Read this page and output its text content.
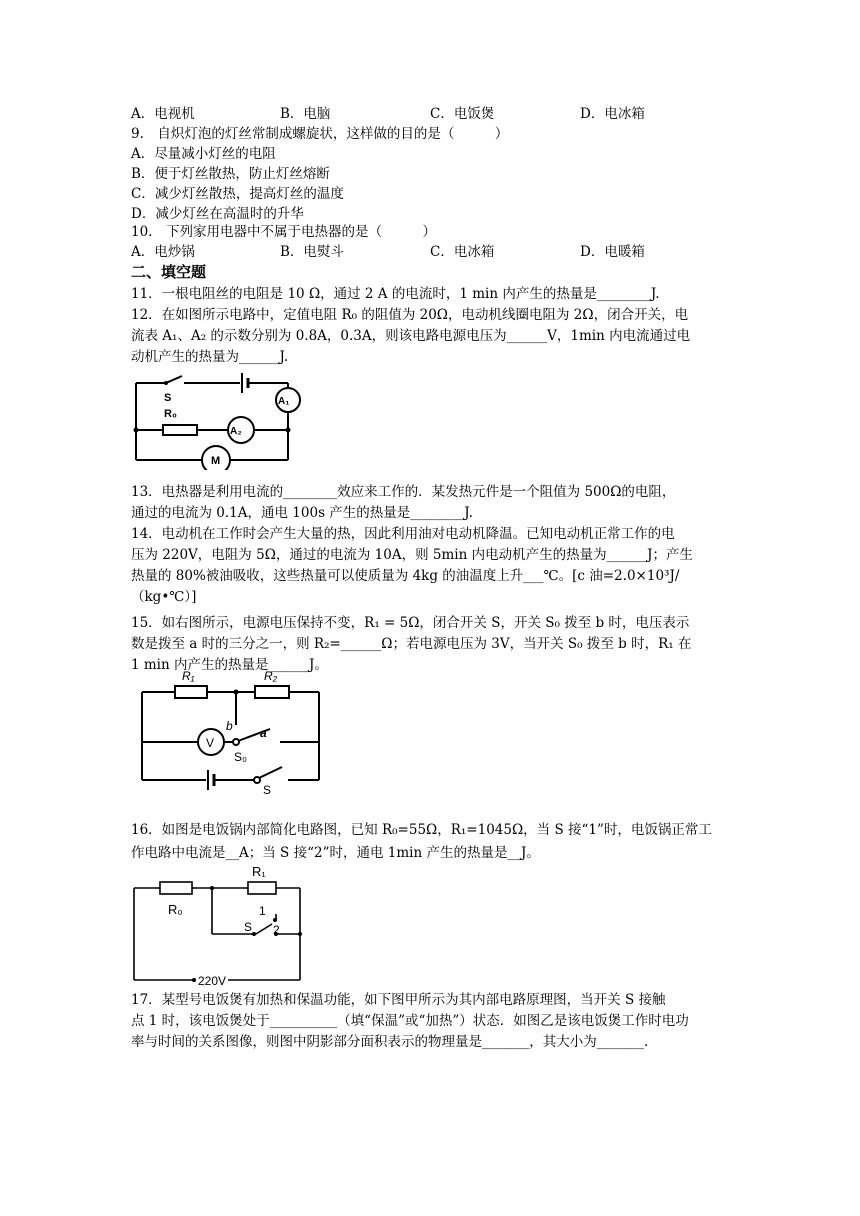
A．电视机	B．电脑	C．电饭煲	D．电冰箱
9.　自炽灯泡的灯丝常制成螺旋状，这样做的目的是（　　　）
A．尽量减小灯丝的电阻
B．便于灯丝散热，防止灯丝熔断
C．减少灯丝散热，提高灯丝的温度
D．减少灯丝在高温时的升华
10.　下列家用电器中不属于电热器的是（　　　）
A．电炒锅	B．电熨斗	C．电冰箱	D．电暖箱
二、填空题
11．一根电阻丝的电阻是 10 Ω，通过 2 A 的电流时，1 min 内产生的热量是________J.
12．在如图所示电路中，定值电阻 R₀ 的阻值为 20Ω，电动机线圈电阻为 2Ω，闭合开关，电
流表 A₁、A₂ 的示数分别为 0.8A，0.3A，则该电路电源电压为______V，1min 内电流通过电
动机产生的热量为______J.
S
R₀
A₁
A₂
M
13．电热器是利用电流的________效应来工作的．某发热元件是一个阻值为 500Ω的电阻，
通过的电流为 0.1A，通电 100s 产生的热量是________J.
14．电动机在工作时会产生大量的热，因此利用油对电动机降温。已知电动机正常工作的电
压为 220V，电阻为 5Ω，通过的电流为 10A，则 5min 内电动机产生的热量为______J；产生
热量的 80%被油吸收，这些热量可以使质量为 4kg 的油温度上升___℃。[c 油=2.0×10³J/
（kg•℃）]
15．如右图所示，电源电压保持不变，R₁ = 5Ω，闭合开关 S，开关 S₀ 拨至 b 时，电压表示
数是拨至 a 时的三分之一，则 R₂=______Ω；若电源电压为 3V，当开关 S₀ 拨至 b 时，R₁ 在
1 min 内产生的热量是______J。
R₁	R₂
V
b a
S₀
S
16．如图是电饭锅内部简化电路图，已知 R₀=55Ω，R₁=1045Ω，当 S 接“1”时，电饭锅正常工
作电路中电流是__A；当 S 接“2”时，通电 1min 产生的热量是__J。
R₁
R₀
S
1
2
220V
17．某型号电饭煲有加热和保温功能，如下图甲所示为其内部电路原理图，当开关 S 接触
点 1 时，该电饭煲处于__________（填“保温”或“加热”）状态．如图乙是该电饭煲工作时电功
率与时间的关系图像，则图中阴影部分面积表示的物理量是_______，其大小为_______.
